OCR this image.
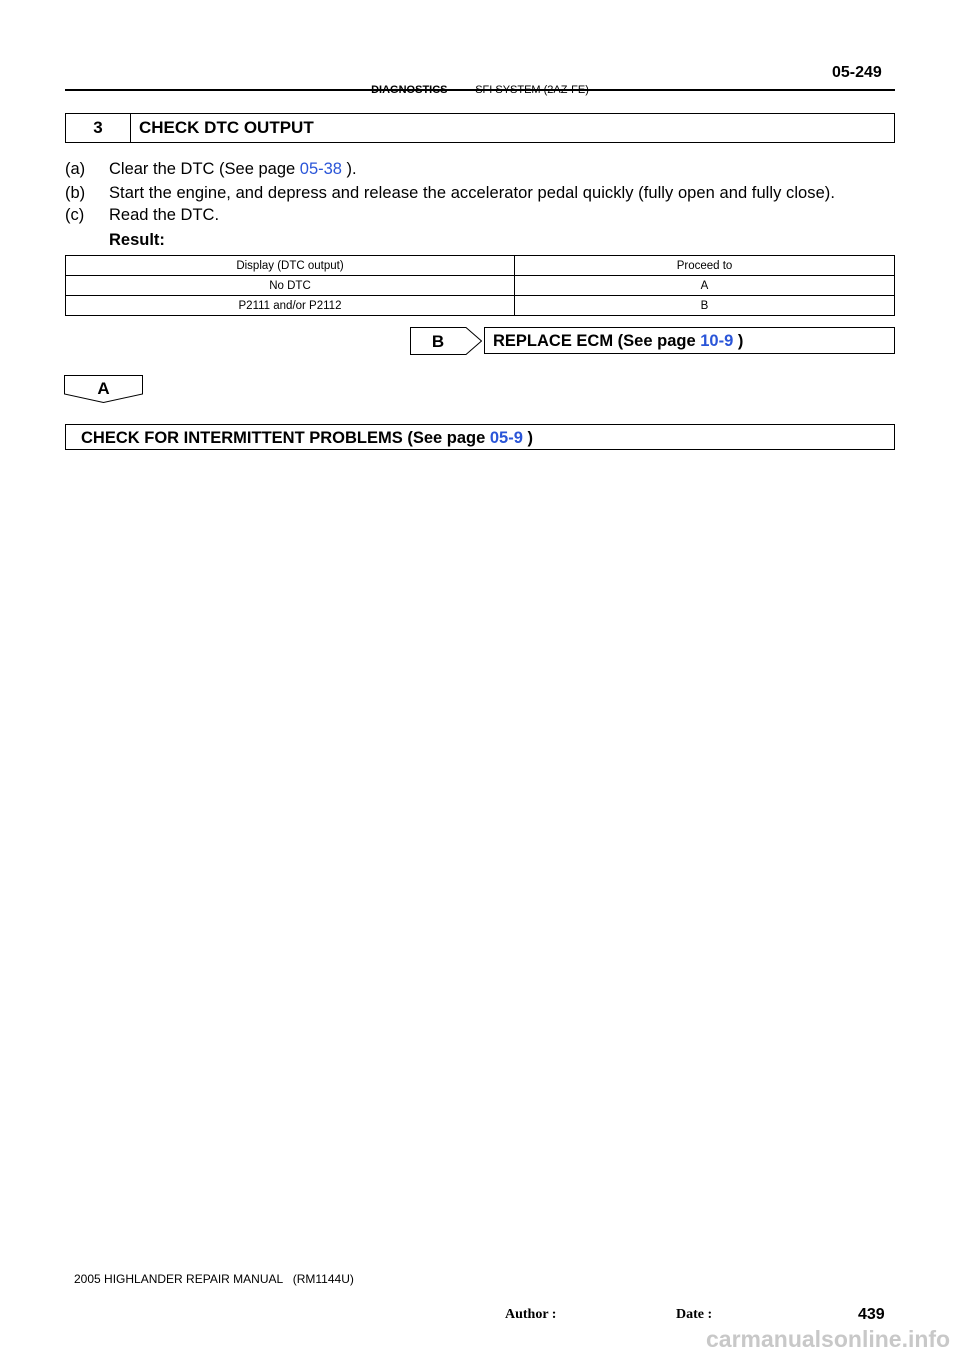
05-249
DIAGNOSTICS - SFI SYSTEM (2AZ-FE)
3	CHECK DTC OUTPUT
(a)	Clear the DTC (See page 05-38 ).
(b)	Start the engine, and depress and release the accelerator pedal quickly (fully open and fully close).
(c)	Read the DTC.
Result:
Display (DTC output)	Proceed to
No DTC	A
P2111 and/or P2112	B
B	REPLACE ECM (See page 10-9 )
A
CHECK FOR INTERMITTENT PROBLEMS (See page 05-9 )
2005 HIGHLANDER REPAIR MANUAL   (RM1144U)
Author :	Date :	439
carmanualsonline.info
